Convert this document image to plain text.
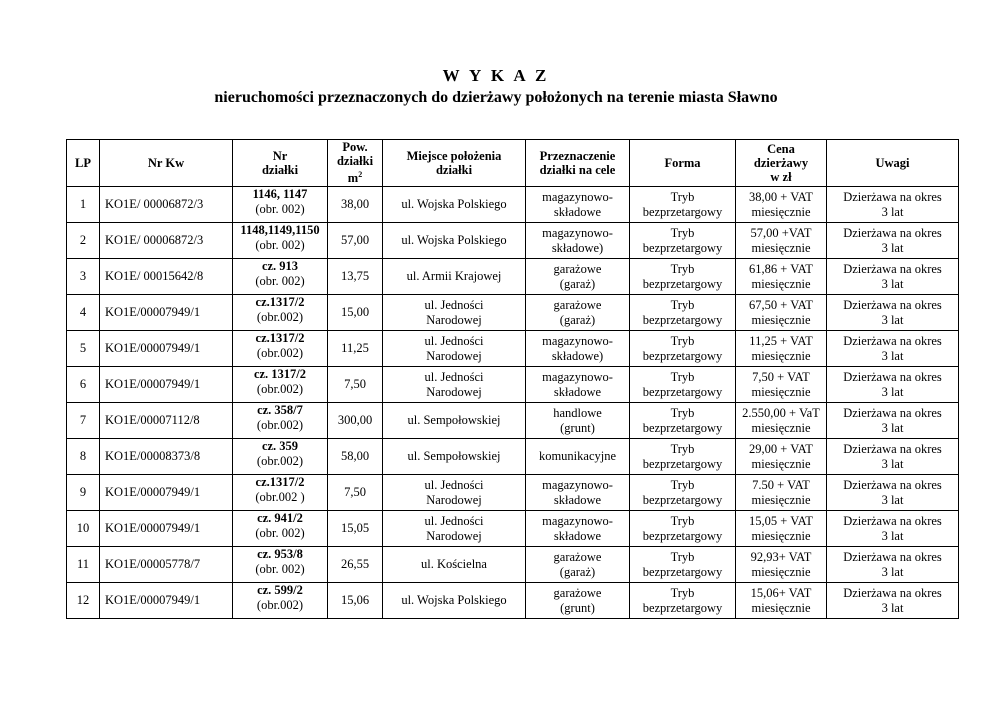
W Y K A Z
nieruchomości przeznaczonych do dzierżawy położonych na terenie miasta Sławno
LP	Nr Kw	Nr
działki	Pow.
działki
$m^2$	Miejsce położenia
działki	Przeznaczenie
działki na cele	Forma	Cena
dzierżawy
w zł	Uwagi
1	KO1E/ 00006872/3	1146, 1147
(obr. 002)	38,00	ul. Wojska Polskiego	magazynowo-
składowe	Tryb
bezprzetargowy	38,00 + VAT
miesięcznie	Dzierżawa na okres
3 lat

2	KO1E/ 00006872/3	1148,1149,1150
(obr. 002)	57,00	ul. Wojska Polskiego	magazynowo-
składowe)	Tryb
bezprzetargowy	57,00 +VAT
miesięcznie	Dzierżawa na okres
3 lat

3	KO1E/ 00015642/8	cz. 913
(obr. 002)	13,75	ul. Armii Krajowej	garażowe
(garaż)	Tryb
bezprzetargowy	61,86 + VAT
miesięcznie	Dzierżawa na okres
3 lat

4	KO1E/00007949/1	cz.1317/2
(obr.002)	15,00	ul. Jedności
Narodowej	garażowe
(garaż)	Tryb
bezprzetargowy	67,50 + VAT
miesięcznie	Dzierżawa na okres
3 lat

5	KO1E/00007949/1	cz.1317/2
(obr.002)	11,25	ul. Jedności
Narodowej	magazynowo-
składowe)	Tryb
bezprzetargowy	11,25 + VAT
miesięcznie	Dzierżawa na okres
3 lat

6	KO1E/00007949/1	cz. 1317/2
(obr.002)	7,50	ul. Jedności
Narodowej	magazynowo-
składowe	Tryb
bezprzetargowy	7,50 + VAT
miesięcznie	Dzierżawa na okres
3 lat

7	KO1E/00007112/8	cz. 358/7
(obr.002)	300,00	ul. Sempołowskiej	handlowe
(grunt)	Tryb
bezprzetargowy	2.550,00 + VaT
miesięcznie	Dzierżawa na okres
3 lat

8	KO1E/00008373/8	cz. 359
(obr.002)	58,00	ul. Sempołowskiej	komunikacyjne	Tryb
bezprzetargowy	29,00 + VAT
miesięcznie	Dzierżawa na okres
3 lat

9	KO1E/00007949/1	cz.1317/2
(obr.002 )	7,50	ul. Jedności
Narodowej	magazynowo-
składowe	Tryb
bezprzetargowy	7.50 + VAT
miesięcznie	Dzierżawa na okres
3 lat

10	KO1E/00007949/1	cz. 941/2
(obr. 002)	15,05	ul. Jedności
Narodowej	magazynowo-
składowe	Tryb
bezprzetargowy	15,05 + VAT
miesięcznie	Dzierżawa na okres
3 lat

11	KO1E/00005778/7	cz. 953/8
(obr. 002)	26,55	ul. Kościelna	garażowe
(garaż)	Tryb
bezprzetargowy	92,93+ VAT
miesięcznie	Dzierżawa na okres
3 lat

12	KO1E/00007949/1	cz. 599/2
(obr.002)	15,06	ul. Wojska Polskiego	garażowe
(grunt)	Tryb
bezprzetargowy	15,06+ VAT
miesięcznie	Dzierżawa na okres
3 lat
